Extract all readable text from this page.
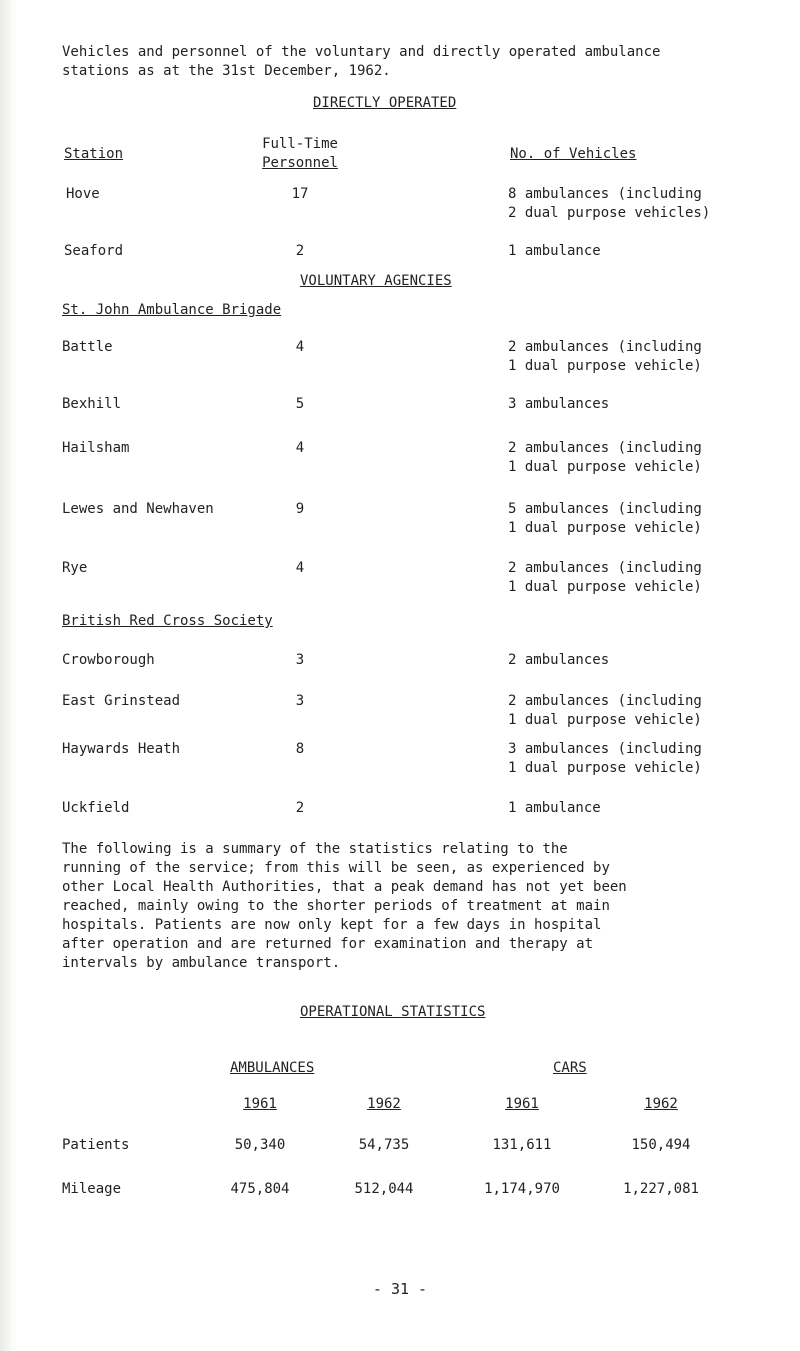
Vehicles and personnel of the voluntary and directly operated ambulance
stations as at the 31st December, 1962.
DIRECTLY OPERATED
Station
Full-Time
Personnel
No. of Vehicles
Hove	17	8 ambulances (including
2 dual purpose vehicles)
Seaford	2	1 ambulance
VOLUNTARY AGENCIES
St. John Ambulance Brigade
Battle	4	2 ambulances (including
1 dual purpose vehicle)
Bexhill	5	3 ambulances
Hailsham	4	2 ambulances (including
1 dual purpose vehicle)
Lewes and Newhaven	9	5 ambulances (including
1 dual purpose vehicle)
Rye	4	2 ambulances (including
1 dual purpose vehicle)
British Red Cross Society
Crowborough	3	2 ambulances
East Grinstead	3	2 ambulances (including
1 dual purpose vehicle)
Haywards Heath	8	3 ambulances (including
1 dual purpose vehicle)
Uckfield	2	1 ambulance
The following is a summary of the statistics relating to the
running of the service; from this will be seen, as experienced by
other Local Health Authorities, that a peak demand has not yet been
reached, mainly owing to the shorter periods of treatment at main
hospitals. Patients are now only kept for a few days in hospital
after operation and are returned for examination and therapy at
intervals by ambulance transport.
OPERATIONAL STATISTICS
AMBULANCES	CARS
1961	1962	1961	1962
Patients	50,340	54,735	131,611	150,494
Mileage	475,804	512,044	1,174,970	1,227,081
- 31 -
